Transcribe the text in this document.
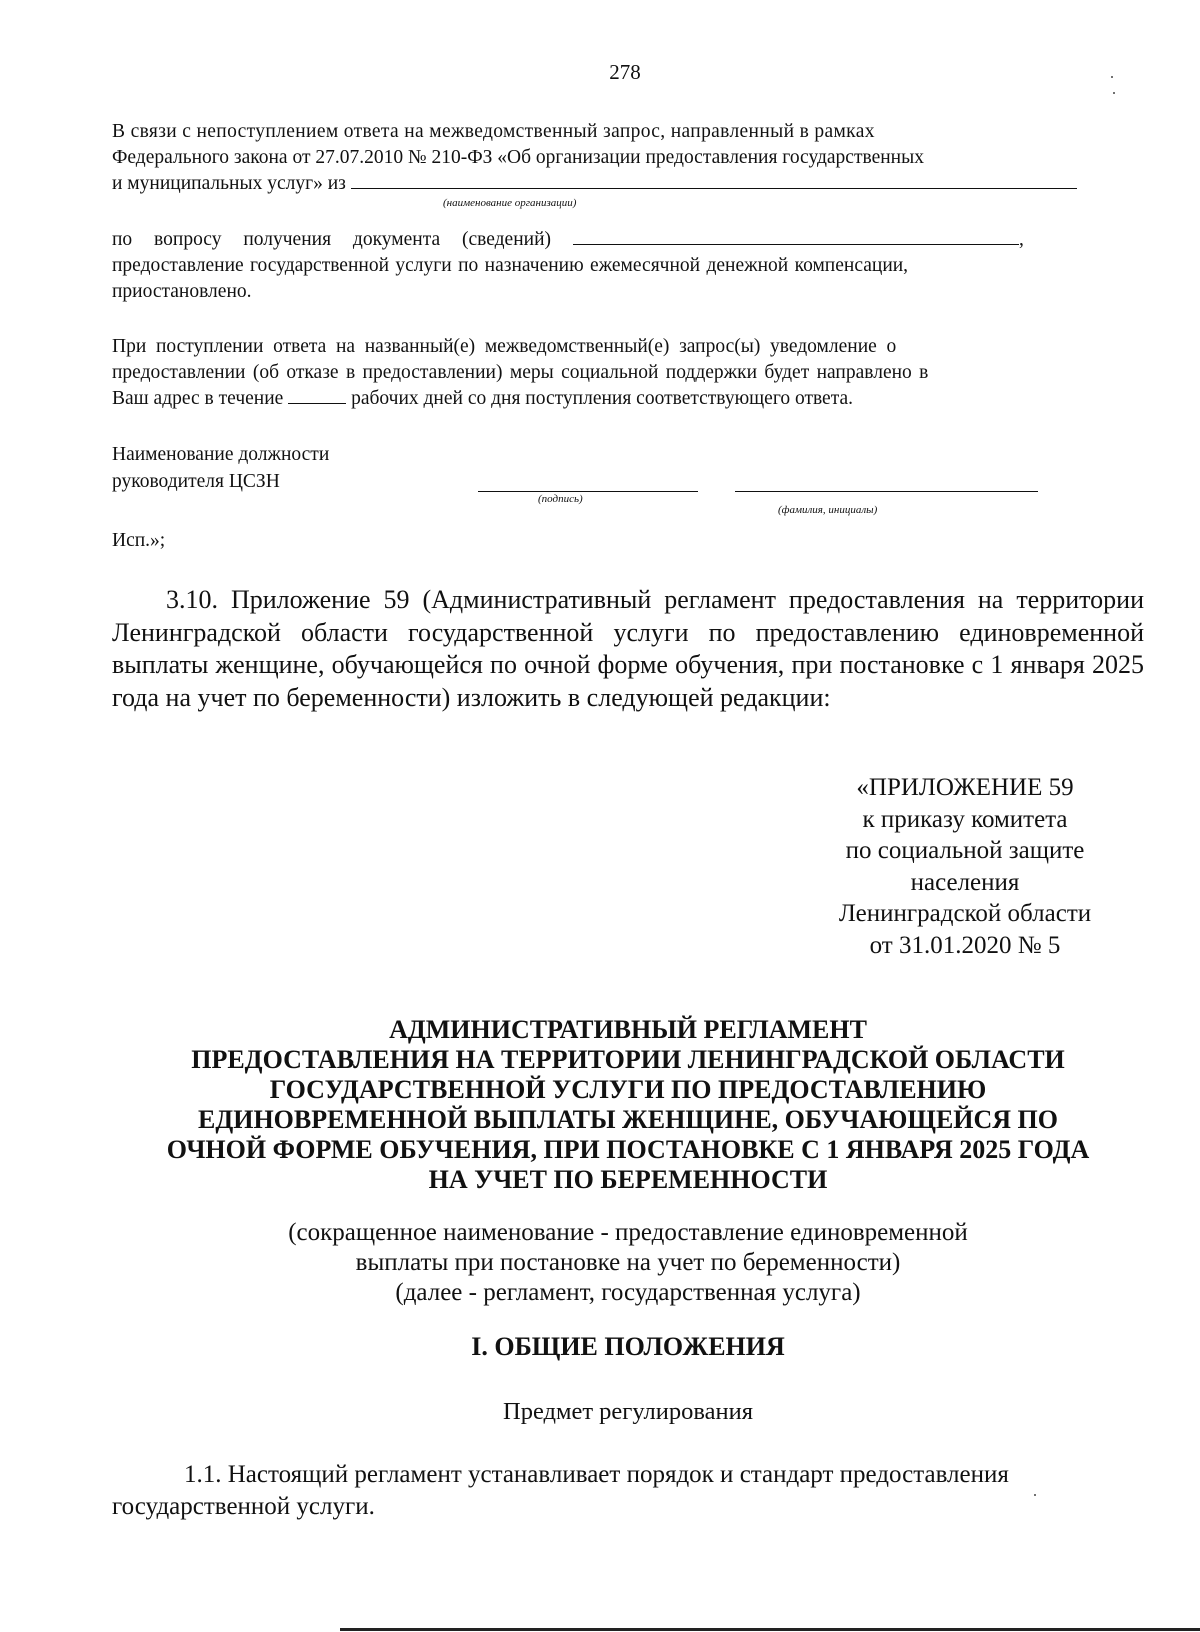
278
В связи с непоступлением ответа на межведомственный запрос, направленный в рамках
Федерального закона от 27.07.2010 № 210-ФЗ «Об организации предоставления государственных
и муниципальных услуг» из
(наименование организации)
по вопросу получения документа (сведений)	,
предоставление государственной услуги по назначению ежемесячной денежной компенсации,
приостановлено.
При поступлении ответа на названный(е) межведомственный(е) запрос(ы) уведомление о
предоставлении (об отказе в предоставлении) меры социальной поддержки будет направлено в
Ваш адрес в течение	рабочих дней со дня поступления соответствующего ответа.
Наименование должности
руководителя ЦСЗН
(подпись)
(фамилия, инициалы)
Исп.»;
3.10. Приложение 59 (Административный регламент предоставления на территории Ленинградской области государственной услуги по предоставлению единовременной выплаты женщине, обучающейся по очной форме обучения, при постановке с 1 января 2025 года на учет по беременности) изложить в следующей редакции:
«ПРИЛОЖЕНИЕ 59
к приказу комитета
по социальной защите
населения
Ленинградской области
от 31.01.2020 № 5
АДМИНИСТРАТИВНЫЙ РЕГЛАМЕНТ
ПРЕДОСТАВЛЕНИЯ НА ТЕРРИТОРИИ ЛЕНИНГРАДСКОЙ ОБЛАСТИ
ГОСУДАРСТВЕННОЙ УСЛУГИ ПО ПРЕДОСТАВЛЕНИЮ
ЕДИНОВРЕМЕННОЙ ВЫПЛАТЫ ЖЕНЩИНЕ, ОБУЧАЮЩЕЙСЯ ПО
ОЧНОЙ ФОРМЕ ОБУЧЕНИЯ, ПРИ ПОСТАНОВКЕ С 1 ЯНВАРЯ 2025 ГОДА
НА УЧЕТ ПО БЕРЕМЕННОСТИ
(сокращенное наименование - предоставление единовременной
выплаты при постановке на учет по беременности)
(далее - регламент, государственная услуга)
I. ОБЩИЕ ПОЛОЖЕНИЯ
Предмет регулирования
1.1. Настоящий регламент устанавливает порядок и стандарт предоставления государственной услуги.
